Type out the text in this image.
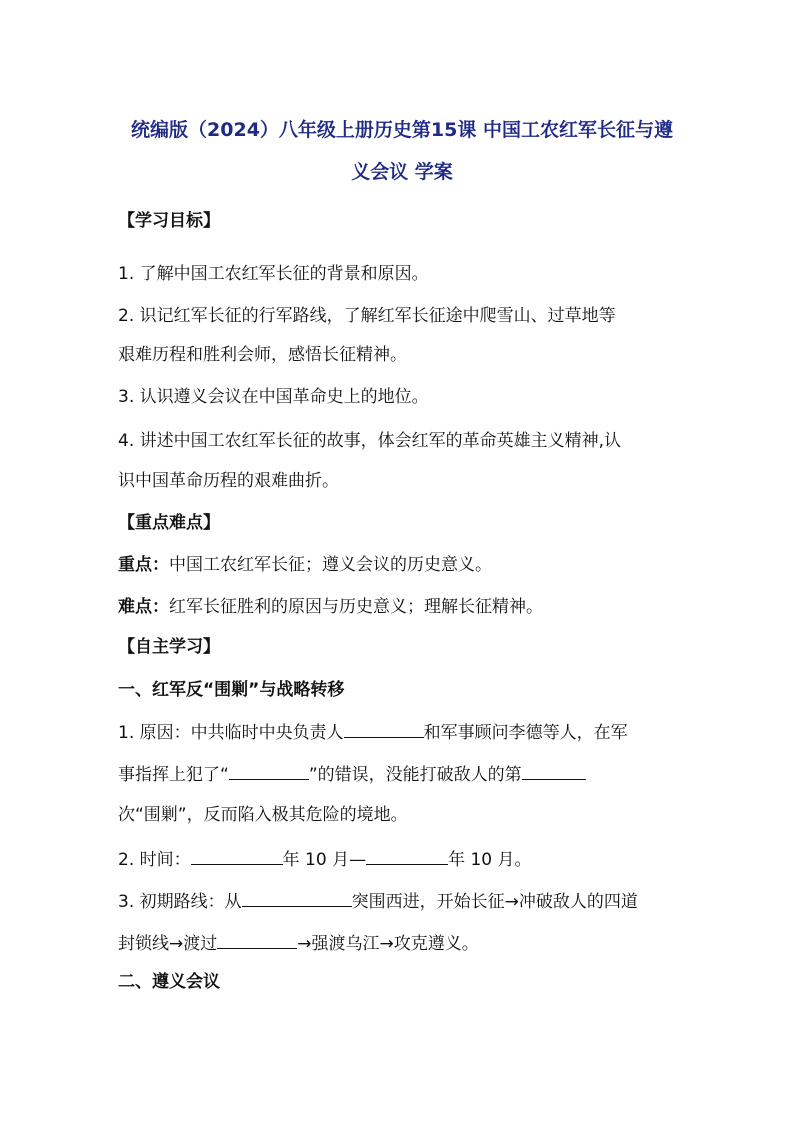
统编版（2024）八年级上册历史第15课 中国工农红军长征与遵
义会议 学案
【学习目标】
1. 了解中国工农红军长征的背景和原因。
2. 识记红军长征的行军路线，了解红军长征途中爬雪山、过草地等
艰难历程和胜利会师，感悟长征精神。
3. 认识遵义会议在中国革命史上的地位。
4. 讲述中国工农红军长征的故事，体会红军的革命英雄主义精神,认
识中国革命历程的艰难曲折。
【重点难点】
重点：中国工农红军长征；遵义会议的历史意义。
难点：红军长征胜利的原因与历史意义；理解长征精神。
【自主学习】
一、红军反“围剿”与战略转移
1. 原因：中共临时中央负责人	和军事顾问李德等人，在军
事指挥上犯了“	”的错误，没能打破敌人的第
次“围剿”，反而陷入极其危险的境地。
2. 时间：	年 10 月—	年 10 月。
3. 初期路线：从	突围西进，开始长征→冲破敌人的四道
封锁线→渡过	→强渡乌江→攻克遵义。
二、遵义会议
